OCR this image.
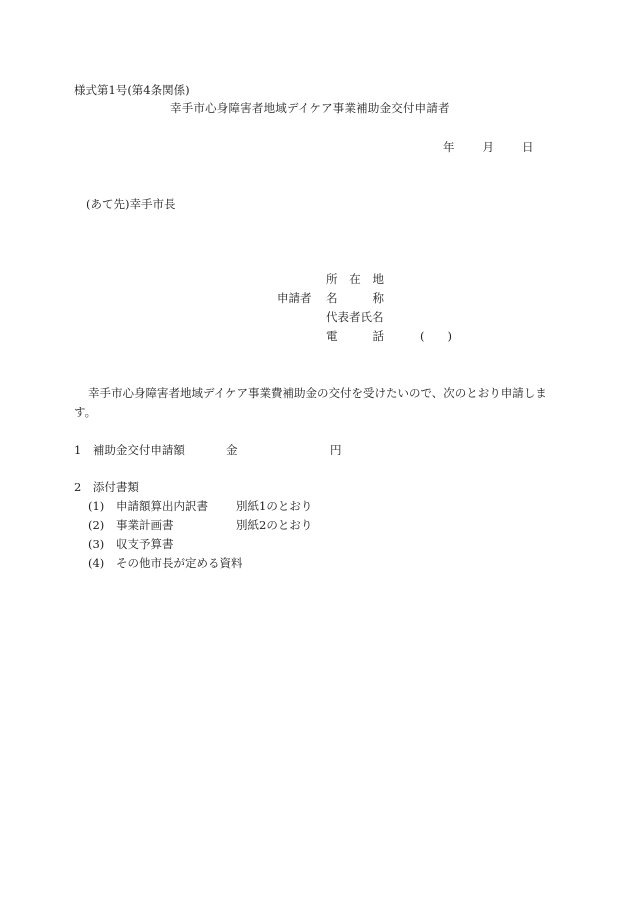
様式第1号(第4条関係)
幸手市心身障害者地域デイケア事業補助金交付申請者
年 月 日
(あて先)幸手市長
申請者
所 在 地
名	称
代表者氏名
電	話	(　　)
幸手市心身障害者地域デイケア事業費補助金の交付を受けたいので、次のとおり申請します。
1　 補助金交付申請額	金	円
2　 添付書類
(1) 申請額算出内訳書 別紙1のとおり
(2) 事業計画書	別紙2のとおり
(3) 収支予算書
(4) その他市長が定める資料
